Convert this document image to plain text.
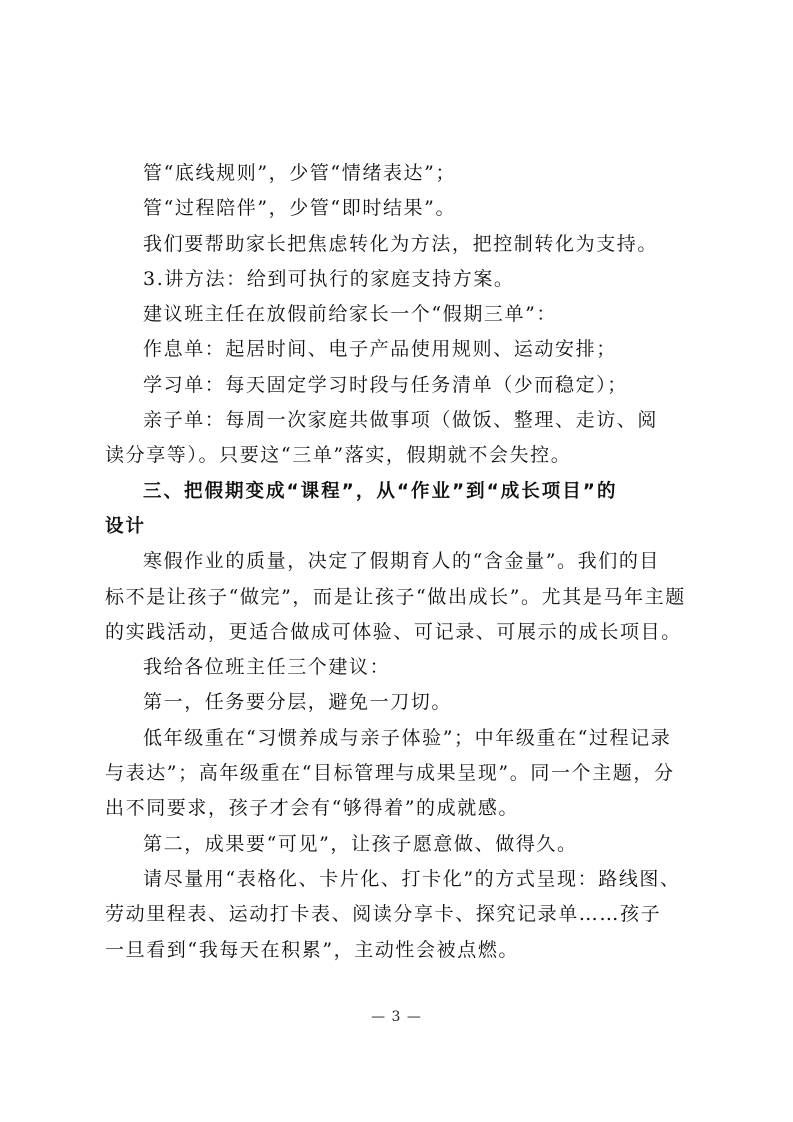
管“底线规则”，少管“情绪表达”；

管“过程陪伴”，少管“即时结果”。

我们要帮助家长把焦虑转化为方法，把控制转化为支持。

3.讲方法：给到可执行的家庭支持方案。

建议班主任在放假前给家长一个“假期三单”：

作息单：起居时间、电子产品使用规则、运动安排；

学习单：每天固定学习时段与任务清单（少而稳定）；

亲子单：每周一次家庭共做事项（做饭、整理、走访、阅

读分享等）。只要这“三单”落实，假期就不会失控。

三、把假期变成“课程”，从“作业”到“成长项目”的

设计

寒假作业的质量，决定了假期育人的“含金量”。我们的目

标不是让孩子“做完”，而是让孩子“做出成长”。尤其是马年主题

的实践活动，更适合做成可体验、可记录、可展示的成长项目。

我给各位班主任三个建议：

第一，任务要分层，避免一刀切。

低年级重在“习惯养成与亲子体验”；中年级重在“过程记录

与表达”；高年级重在“目标管理与成果呈现”。同一个主题，分

出不同要求，孩子才会有“够得着”的成就感。

第二，成果要“可见”，让孩子愿意做、做得久。

请尽量用“表格化、卡片化、打卡化”的方式呈现：路线图、

劳动里程表、运动打卡表、阅读分享卡、探究记录单……孩子

一旦看到“我每天在积累”，主动性会被点燃。

— 3 —
